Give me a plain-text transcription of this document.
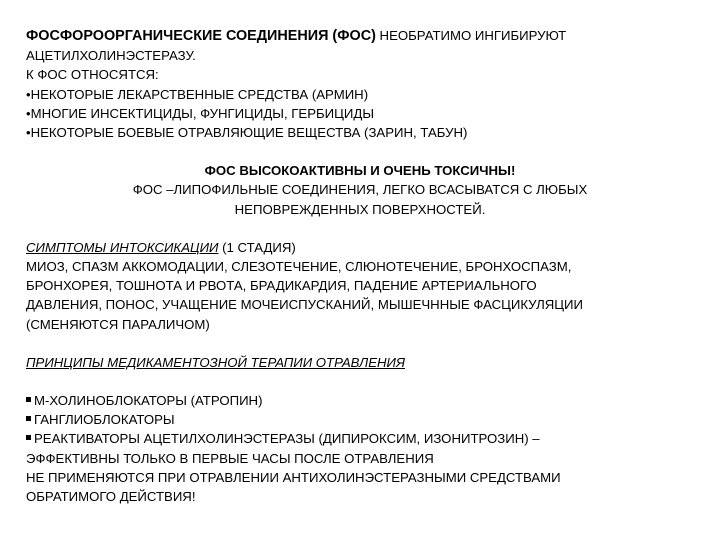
ФОСФОРООРГАНИЧЕСКИЕ СОЕДИНЕНИЯ (ФОС) НЕОБРАТИМО ИНГИБИРУЮТ
АЦЕТИЛХОЛИНЭСТЕРАЗУ.
К ФОС ОТНОСЯТСЯ:
•НЕКОТОРЫЕ ЛЕКАРСТВЕННЫЕ СРЕДСТВА (АРМИН)
•МНОГИЕ ИНСЕКТИЦИДЫ, ФУНГИЦИДЫ, ГЕРБИЦИДЫ
•НЕКОТОРЫЕ БОЕВЫЕ ОТРАВЛЯЮЩИЕ ВЕЩЕСТВА (ЗАРИН, ТАБУН)
ФОС ВЫСОКОАКТИВНЫ И ОЧЕНЬ ТОКСИЧНЫ!
ФОС –ЛИПОФИЛЬНЫЕ СОЕДИНЕНИЯ, ЛЕГКО ВСАСЫВАТСЯ С ЛЮБЫХ
НЕПОВРЕЖДЕННЫХ ПОВЕРХНОСТЕЙ.
СИМПТОМЫ ИНТОКСИКАЦИИ (1 СТАДИЯ)
МИОЗ, СПАЗМ АККОМОДАЦИИ, СЛЕЗОТЕЧЕНИЕ, СЛЮНОТЕЧЕНИЕ, БРОНХОСПАЗМ,
БРОНХОРЕЯ, ТОШНОТА И РВОТА, БРАДИКАРДИЯ, ПАДЕНИЕ АРТЕРИАЛЬНОГО
ДАВЛЕНИЯ, ПОНОС, УЧАЩЕНИЕ МОЧЕИСПУСКАНИЙ, МЫШЕЧННЫЕ ФАСЦИКУЛЯЦИИ
(СМЕНЯЮТСЯ ПАРАЛИЧОМ)
ПРИНЦИПЫ МЕДИКАМЕНТОЗНОЙ ТЕРАПИИ ОТРАВЛЕНИЯ
М-ХОЛИНОБЛОКАТОРЫ (АТРОПИН)
ГАНГЛИОБЛОКАТОРЫ
РЕАКТИВАТОРЫ АЦЕТИЛХОЛИНЭСТЕРАЗЫ (ДИПИРОКСИМ, ИЗОНИТРОЗИН) –
ЭФФЕКТИВНЫ ТОЛЬКО В ПЕРВЫЕ ЧАСЫ ПОСЛЕ ОТРАВЛЕНИЯ
НЕ ПРИМЕНЯЮТСЯ ПРИ ОТРАВЛЕНИИ АНТИХОЛИНЭСТЕРАЗНЫМИ СРЕДСТВАМИ
ОБРАТИМОГО ДЕЙСТВИЯ!
